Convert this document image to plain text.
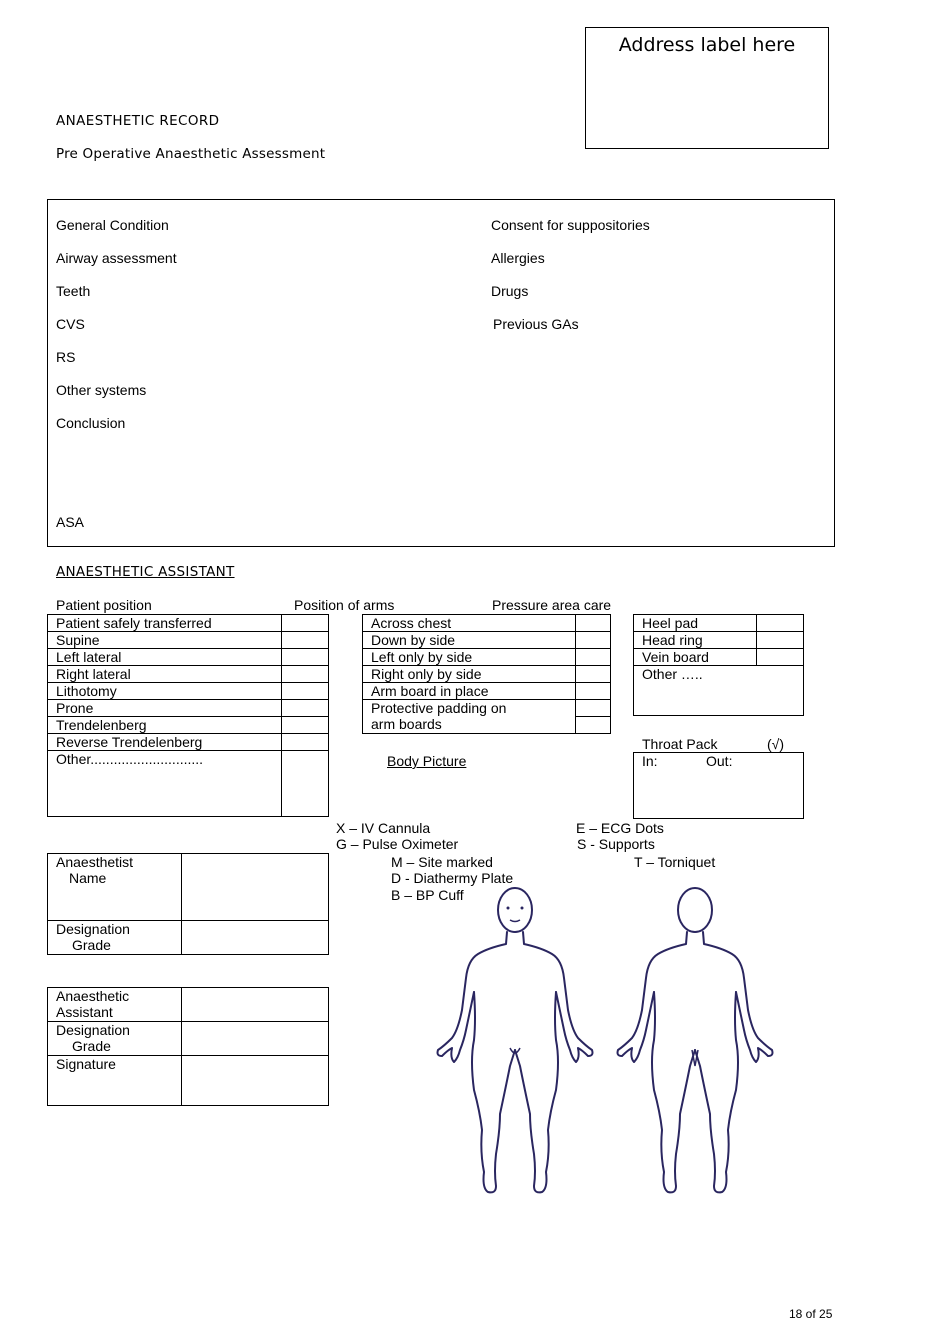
Address label here
ANAESTHETIC RECORD
Pre Operative Anaesthetic Assessment
General Condition
Airway assessment
Teeth
CVS
RS
Other systems
Conclusion
ASA
Consent for suppositories
Allergies
Drugs
Previous GAs
ANAESTHETIC ASSISTANT
Patient position	Position of arms	Pressure area care
Patient safely transferred	
Supine	
Left lateral	
Right lateral	
Lithotomy	
Prone	
Trendelenberg	
Reverse Trendelenberg	
Other.............................	
Across chest	
Down by side	
Left only by side	
Right only by side	
Arm board in place	
Protective padding on
arm boards	
Heel pad	
Head ring	
Vein board	
Other …..	
Throat Pack	(√)
In:	Out:
Body Picture
X – IV Cannula
G – Pulse Oximeter
E – ECG Dots
S - Supports
M – Site marked
D - Diathermy Plate
B – BP Cuff
T – Torniquet
Anaesthetist
Name	
Designation
Grade	
Anaesthetic
Assistant	
Designation
Grade	
Signature	
18 of 25
